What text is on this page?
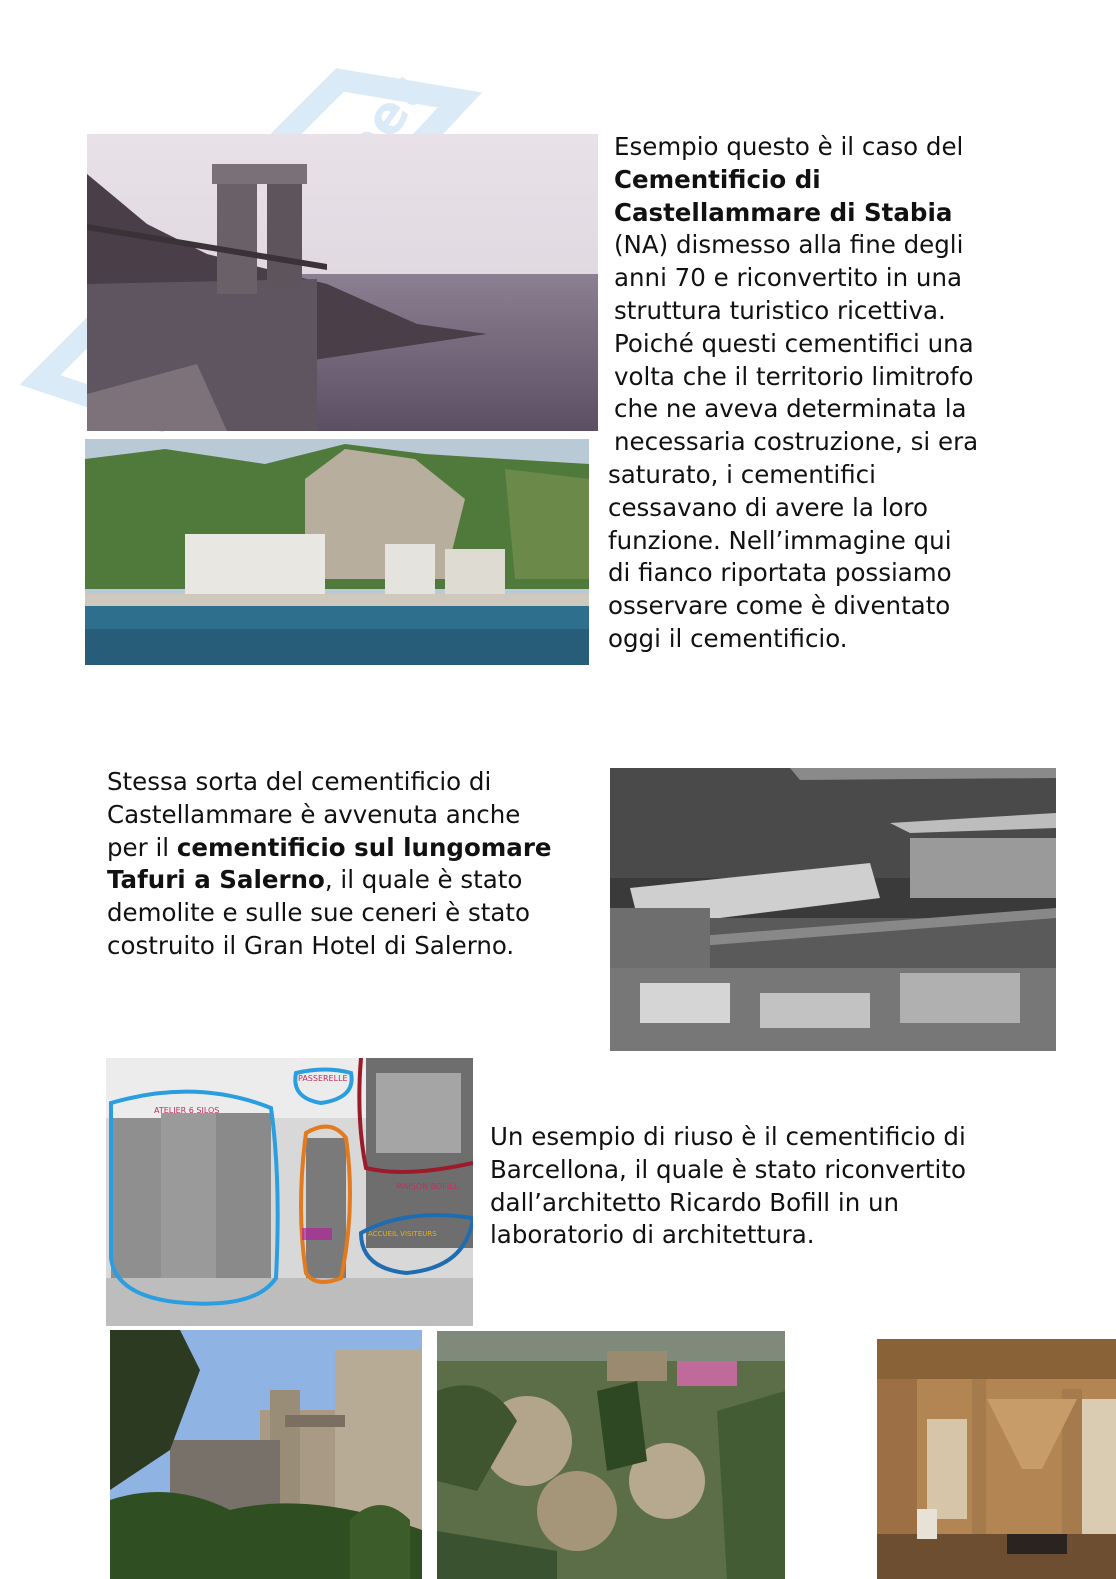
.net	Esempio questo è il caso del
Cementificio di
Castellammare di Stabia
(NA) dismesso alla fine degli
anni 70 e riconvertito in una
struttura turistico ricettiva.
Poiché questi cementifici una
volta che il territorio limitrofo
che ne aveva determinata la
necessaria costruzione, si era
saturato, i cementifici
cessavano di avere la loro
funzione. Nell’immagine qui
di fianco riportata possiamo
osservare come è diventato
oggi il cementificio.
Stessa sorta del cementificio di
Castellammare è avvenuta anche
per il cementificio sul lungomare
Tafuri a Salerno, il quale è stato
demolite e sulle sue ceneri è stato
costruito il Gran Hotel di Salerno.
ATELIER 6 SILOS
PASSERELLE
MAISON BOFILL
ACCUEIL VISITEURS
Un esempio di riuso è il cementificio di
Barcellona, il quale è stato riconvertito
dall’architetto Ricardo Bofill in un
laboratorio di architettura.
